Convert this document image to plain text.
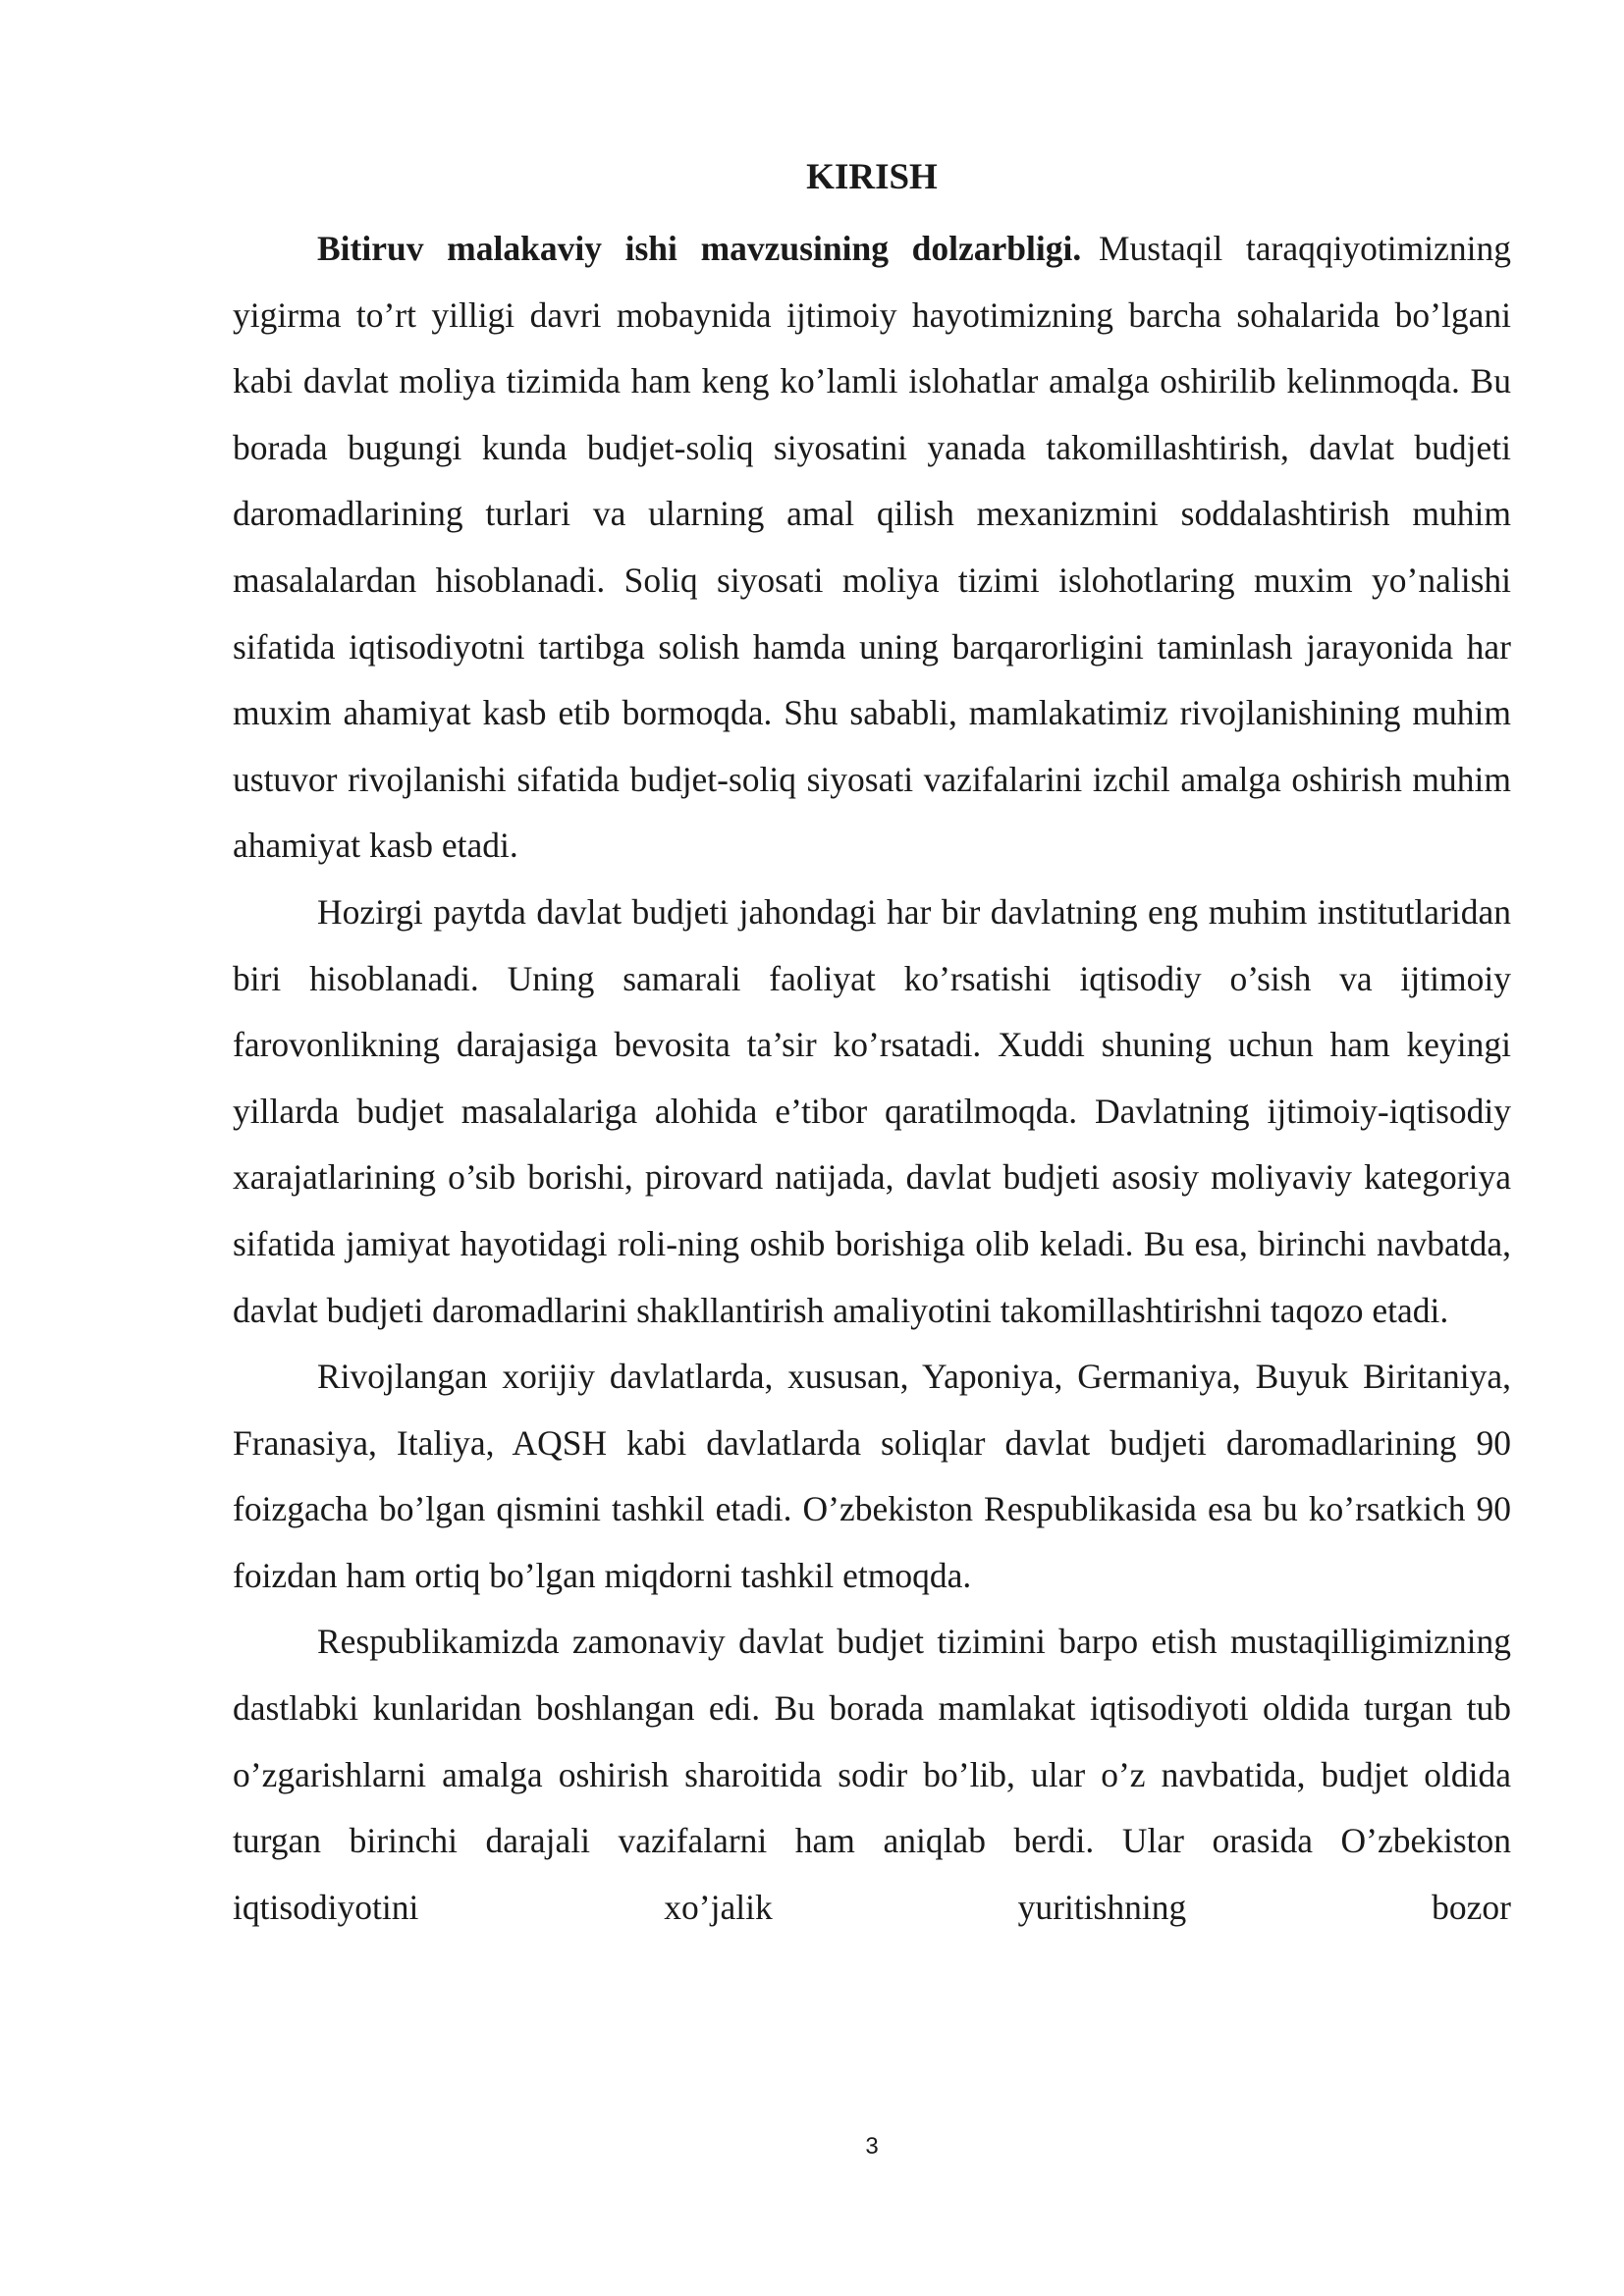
KIRISH

Bitiruv malakaviy ishi mavzusining dolzarbligi.  Mustaqil taraqqiyotimizning yigirma to’rt yilligi davri mobaynida ijtimoiy hayotimizning barcha sohalarida bo’lgani kabi davlat moliya tizimida ham keng ko’lamli islohatlar amalga oshirilib kelinmoqda. Bu borada bugungi kunda budjet-soliq siyosatini yanada takomillashtirish, davlat budjeti daromadlarining turlari va ularning amal qilish mexanizmini soddalashtirish muhim masalalardan hisoblanadi. Soliq siyosati moliya tizimi islohotlaring muxim yo’nalishi sifatida iqtisodiyotni tartibga solish hamda uning barqarorligini taminlash jarayonida har muxim ahamiyat kasb etib bormoqda. Shu sababli, mamlakatimiz rivojlanishining muhim ustuvor rivojlanishi sifatida budjet-soliq siyosati vazifalarini izchil amalga oshirish muhim ahamiyat kasb etadi.

Hozirgi paytda davlat budjeti jahondagi har bir davlatning eng muhim institutlaridan biri hisoblanadi. Uning samarali faoliyat ko’rsatishi iqtisodiy o’sish va ijtimoiy farovonlikning darajasiga bevosita ta’sir ko’rsatadi. Xuddi shuning uchun ham keyingi yillarda budjet masalalariga alohida e’tibor qaratilmoqda. Davlatning ijtimoiy-iqtisodiy xarajatlarining o’sib borishi, pirovard natijada, davlat budjeti asosiy moliyaviy kategoriya sifatida jamiyat hayotidagi roli-ning oshib borishiga olib keladi. Bu esa, birinchi navbatda, davlat budjeti daromadlarini shakllantirish amaliyotini takomillashtirishni taqozo etadi.

Rivojlangan xorijiy davlatlarda, xususan, Yaponiya, Germaniya, Buyuk Biritaniya, Franasiya, Italiya, AQSH kabi davlatlarda soliqlar davlat budjeti daromadlarining 90 foizgacha bo’lgan qismini tashkil etadi. O’zbekiston Respublikasida esa bu ko’rsatkich 90 foizdan ham ortiq bo’lgan miqdorni tashkil etmoqda.

Respublikamizda zamonaviy davlat budjet tizimini barpo etish mustaqilligimizning dastlabki kunlaridan boshlangan edi. Bu borada mamlakat iqtisodiyoti oldida turgan tub o’zgarishlarni amalga oshirish sharoitida sodir bo’lib, ular o’z navbatida, budjet oldida turgan birinchi darajali vazifalarni ham aniqlab berdi. Ular orasida O’zbekiston iqtisodiyotini xo’jalik yuritishning bozor

3
